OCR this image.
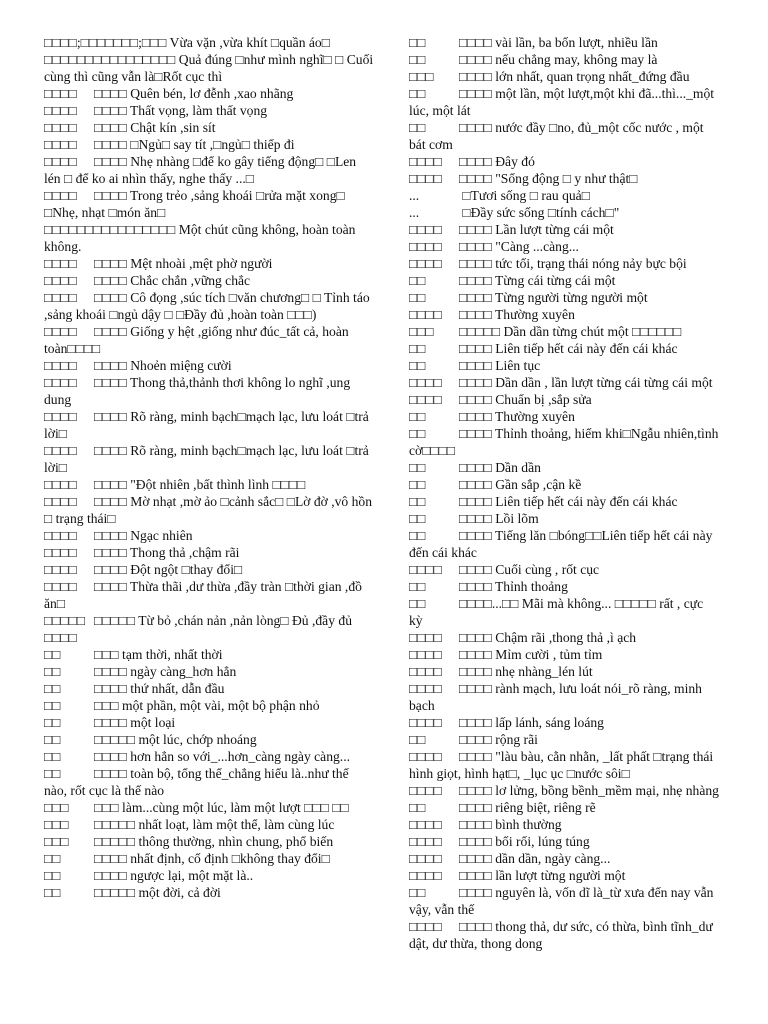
□□□□;□□□□□□□;□□□ Vừa vặn ,vừa khít □quần áo□
□□□□□□□□□□□□□□□□ Quả đúng □như mình nghĩ□ □ Cuối cùng thì cũng vẫn là□Rốt cục thì
□□□□ □□□□ Quên bén, lơ đễnh ,xao nhãng
□□□□ □□□□ Thất vọng, làm thất vọng
□□□□ □□□□ Chật kín ,sin sít
□□□□ □□□□ □Ngủ□ say tít ,□ngủ□ thiếp đi
□□□□ □□□□ Nhẹ nhàng □để ko gây tiếng động□ □Len lén □ để ko ai nhìn thấy, nghe thấy ...□
□□□□ □□□□ Trong trẻo ,sảng khoái □rửa mặt xong□ □Nhẹ, nhạt □món ăn□
□□□□□□□□□□□□□□□□ Một chút cũng không, hoàn toàn không.
□□□□ □□□□ Mệt nhoài ,mệt phờ người
□□□□ □□□□ Chắc chắn ,vững chắc
□□□□ □□□□ Cô đọng ,súc tích □văn chương□ □ Tỉnh táo ,sảng khoái □ngủ dậy □ □Đầy đủ ,hoàn toàn □□□)
□□□□ □□□□ Giống y hệt ,giống như đúc_tất cả, hoàn toàn□□□□
□□□□ □□□□ Nhoẻn miệng cười
□□□□ □□□□ Thong thả,thảnh thơi không lo nghĩ ,ung dung
□□□□ □□□□ Rõ ràng, minh bạch□mạch lạc, lưu loát □trả lời□
□□□□ □□□□ Rõ ràng, minh bạch□mạch lạc, lưu loát □trả lời□
□□□□ □□□□ "Đột nhiên ,bất thình lình □□□□
□□□□ □□□□ Mờ nhạt ,mờ ảo □cảnh sắc□ □Lờ đờ ,vô hồn □ trạng thái□
□□□□ □□□□ Ngạc nhiên
□□□□ □□□□ Thong thả ,chậm rãi
□□□□ □□□□ Đột ngột □thay đổi□
□□□□ □□□□ Thừa thãi ,dư thừa ,đầy tràn □thời gian ,đồ ăn□
□□□□□ □□□□□ Từ bỏ ,chán nản ,nản lòng□ Đủ ,đầy đủ □□□□
□□ □□□ tạm thời, nhất thời
□□ □□□□ ngày càng_hơn hẳn
□□ □□□□ thứ nhất, dẫn đầu
□□ □□□ một phần, một vài, một bộ phận nhỏ
□□ □□□□ một loại
□□ □□□□□ một lúc, chớp nhoáng
□□ □□□□ hơn hẳn so với_...hơn_càng ngày càng...
□□ □□□□ toàn bộ, tổng thể_chẳng hiểu là..như thế nào, rốt cục là thế nào
□□□ □□□ làm...cùng một lúc, làm một lượt □□□ □□
□□□ □□□□□ nhất loạt, làm một thể, làm cùng lúc
□□□ □□□□□ thông thường, nhìn chung, phổ biến
□□ □□□□ nhất định, cố định □không thay đổi□
□□ □□□□ ngược lại, một mặt là..
□□ □□□□□ một đời, cả đời
□□ □□□□ vài lần, ba bốn lượt, nhiều lần
□□ □□□□ nếu chẳng may, không may là
□□□ □□□□ lớn nhất, quan trọng nhất_đứng đầu
□□ □□□□ một lần, một lượt,một khi đã...thì..._một lúc, một lát
□□ □□□□ nước đầy □no, đủ_một cốc nước , một bát cơm
□□□□ □□□□ Đây đó
□□□□ □□□□ "Sống động □ y như thật□
...	□Tươi sống □ rau quả□
...	□Đầy sức sống □tính cách□"
□□□□ □□□□ Lần lượt từng cái một
□□□□ □□□□ "Càng ...càng...
□□□□ □□□□ tức tối, trạng thái nóng nảy bực bội
□□ □□□□ Từng cái từng cái một
□□ □□□□ Từng người từng người một
□□□□ □□□□ Thường xuyên
□□□ □□□□□ Dần dần từng chút một □□□□□□
□□ □□□□ Liên tiếp hết cái này đến cái khác
□□ □□□□ Liên tục
□□□□ □□□□ Dần dần , lần lượt từng cái từng cái một
□□□□ □□□□ Chuẩn bị ,sắp sửa
□□ □□□□ Thường xuyên
□□ □□□□ Thỉnh thoảng, hiếm khi□Ngẫu nhiên,tình cờ□□□□
□□ □□□□ Dần dần
□□ □□□□ Gần sắp ,cận kề
□□ □□□□ Liên tiếp hết cái này đến cái khác
□□ □□□□ Lồi lõm
□□ □□□□ Tiếng lăn □bóng□□Liên tiếp hết cái này đến cái khác
□□□□ □□□□ Cuối cùng , rốt cục
□□ □□□□ Thỉnh thoảng
□□ □□□□...□□ Mãi mà không... □□□□□ rất , cực kỳ
□□□□ □□□□ Chậm rãi ,thong thả ,ì ạch
□□□□ □□□□ Mỉm cười , tủm tỉm
□□□□ □□□□ nhẹ nhàng_lén lút
□□□□ □□□□ rành mạch, lưu loát nói_rõ ràng, minh bạch
□□□□ □□□□ lấp lánh, sáng loáng
□□ □□□□ rộng rãi
□□□□ □□□□ "làu bàu, cằn nhằn, _lất phất □trạng thái hình giọt, hình hạt□, _lục ục □nước sôi□
□□□□ □□□□ lơ lửng, bồng bềnh_mềm mại, nhẹ nhàng
□□ □□□□ riêng biệt, riêng rẽ
□□□□ □□□□ bình thường
□□□□ □□□□ bối rối, lúng túng
□□□□ □□□□ dần dần, ngày càng...
□□□□ □□□□ lần lượt từng người một
□□ □□□□ nguyên là, vốn dĩ là_từ xưa đến nay vẫn vậy, vẫn thế
□□□□ □□□□ thong thả, dư sức, có thừa, bình tĩnh_dư dật, dư thừa, thong dong
